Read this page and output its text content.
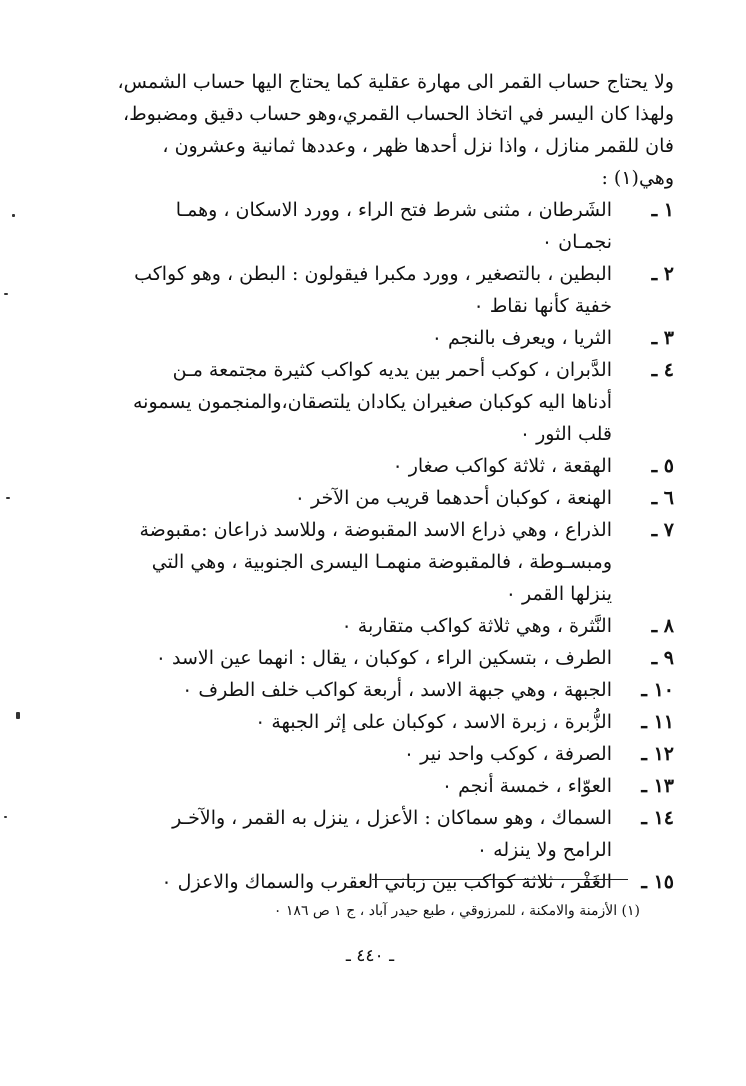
ولا يحتاج حساب القمر الى مهارة عقلية كما يحتاج اليها حساب الشمس،
ولهذا كان اليسر في اتخاذ الحساب القمري،وهو حساب دقيق ومضبوط،
فان للقمر منازل ، واذا نزل أحدها ظهر ، وعددها ثمانية وعشرون ،
وهي(١) :
١ ـ
الشَرطان ، مثنى شرط فتح الراء ، وورد الاسكان ، وهمـا
نجمـان ٠
٢ ـ
البطين ، بالتصغير ، وورد مكبرا فيقولون : البطن ، وهو كواكب
خفية كأنها نقاط ٠
٣ ـ
الثريا ، ويعرف بالنجم ٠
٤ ـ
الدَّبران ، كوكب أحمر بين يديه كواكب كثيرة مجتمعة مـن
أدناها اليه كوكبان صغيران يكادان يلتصقان،والمنجمون يسمونه
قلب الثور ٠
٥ ـ
الهقعة ، ثلاثة كواكب صغار ٠
٦ ـ
الهنعة ، كوكبان أحدهما قريب من الآخر ٠
٧ ـ
الذراع ، وهي ذراع الاسد المقبوضة ، وللاسد ذراعان :مقبوضة
ومبسـوطة ، فالمقبوضة منهمـا اليسرى الجنوبية ، وهي التي
ينزلها القمر ٠
٨ ـ
النَّثرة ، وهي ثلاثة كواكب متقاربة ٠
٩ ـ
الطرف ، بتسكين الراء ، كوكبان ، يقال : انهما عين الاسد ٠
١٠ ـ
الجبهة ، وهي جبهة الاسد ، أربعة كواكب خلف الطرف ٠
١١ ـ
الزُّبرة ، زبرة الاسد ، كوكبان على إثر الجبهة ٠
١٢ ـ
الصرفة ، كوكب واحد نير ٠
١٣ ـ
العوّاء ، خمسة أنجم ٠
١٤ ـ
السماك ، وهو سماكان : الأعزل ، ينزل به القمر ، والآخـر
الرامح ولا ينزله ٠
١٥ ـ
الغَفْر ، ثلاثة كواكب بين زباني العقرب والسماك والاعزل ٠
(١) الأزمنة والامكنة ، للمرزوقي ، طبع حيدر آباد ، ج ١ ص ١٨٦ ٠
ـ ٤٤٠ ـ
